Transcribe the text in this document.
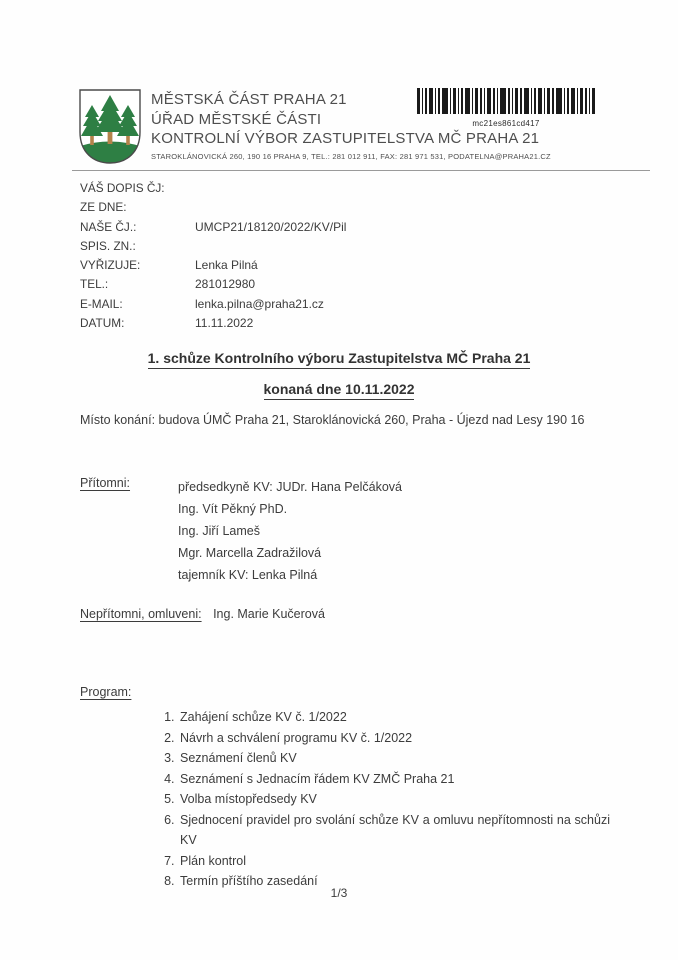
MĚSTSKÁ ČÁST PRAHA 21
ÚŘAD MĚSTSKÉ ČÁSTI
KONTROLNÍ VÝBOR ZASTUPITELSTVA MČ PRAHA 21
STAROKLÁNOVICKÁ 260, 190 16 PRAHA 9, TEL.: 281 012 911, FAX: 281 971 531, PODATELNA@PRAHA21.CZ
mc21es861cd417
VÁŠ DOPIS ČJ:
ZE DNE:
NAŠE ČJ.:	UMCP21/18120/2022/KV/Pil
SPIS. ZN.:
VYŘIZUJE:	Lenka Pilná
TEL.:	281012980
E-MAIL:	lenka.pilna@praha21.cz
DATUM:	11.11.2022
1. schůze Kontrolního výboru Zastupitelstva MČ Praha 21
konaná dne 10.11.2022
Místo konání: budova ÚMČ Praha 21, Staroklánovická 260, Praha - Újezd nad Lesy 190 16
Přítomni:	předsedkyně KV: JUDr. Hana Pelčáková
Ing. Vít Pěkný PhD.
Ing. Jiří Lameš
Mgr. Marcella Zadražilová
tajemník KV: Lenka Pilná
Nepřítomni, omluveni: Ing. Marie Kučerová
Program:
1. Zahájení schůze KV č. 1/2022
2. Návrh a schválení programu KV č. 1/2022
3. Seznámení členů KV
4. Seznámení s Jednacím řádem KV ZMČ Praha 21
5. Volba místopředsedy KV
6. Sjednocení pravidel pro svolání schůze KV a omluvu nepřítomnosti na schůzi KV
7. Plán kontrol
8. Termín příštího zasedání
1/3
